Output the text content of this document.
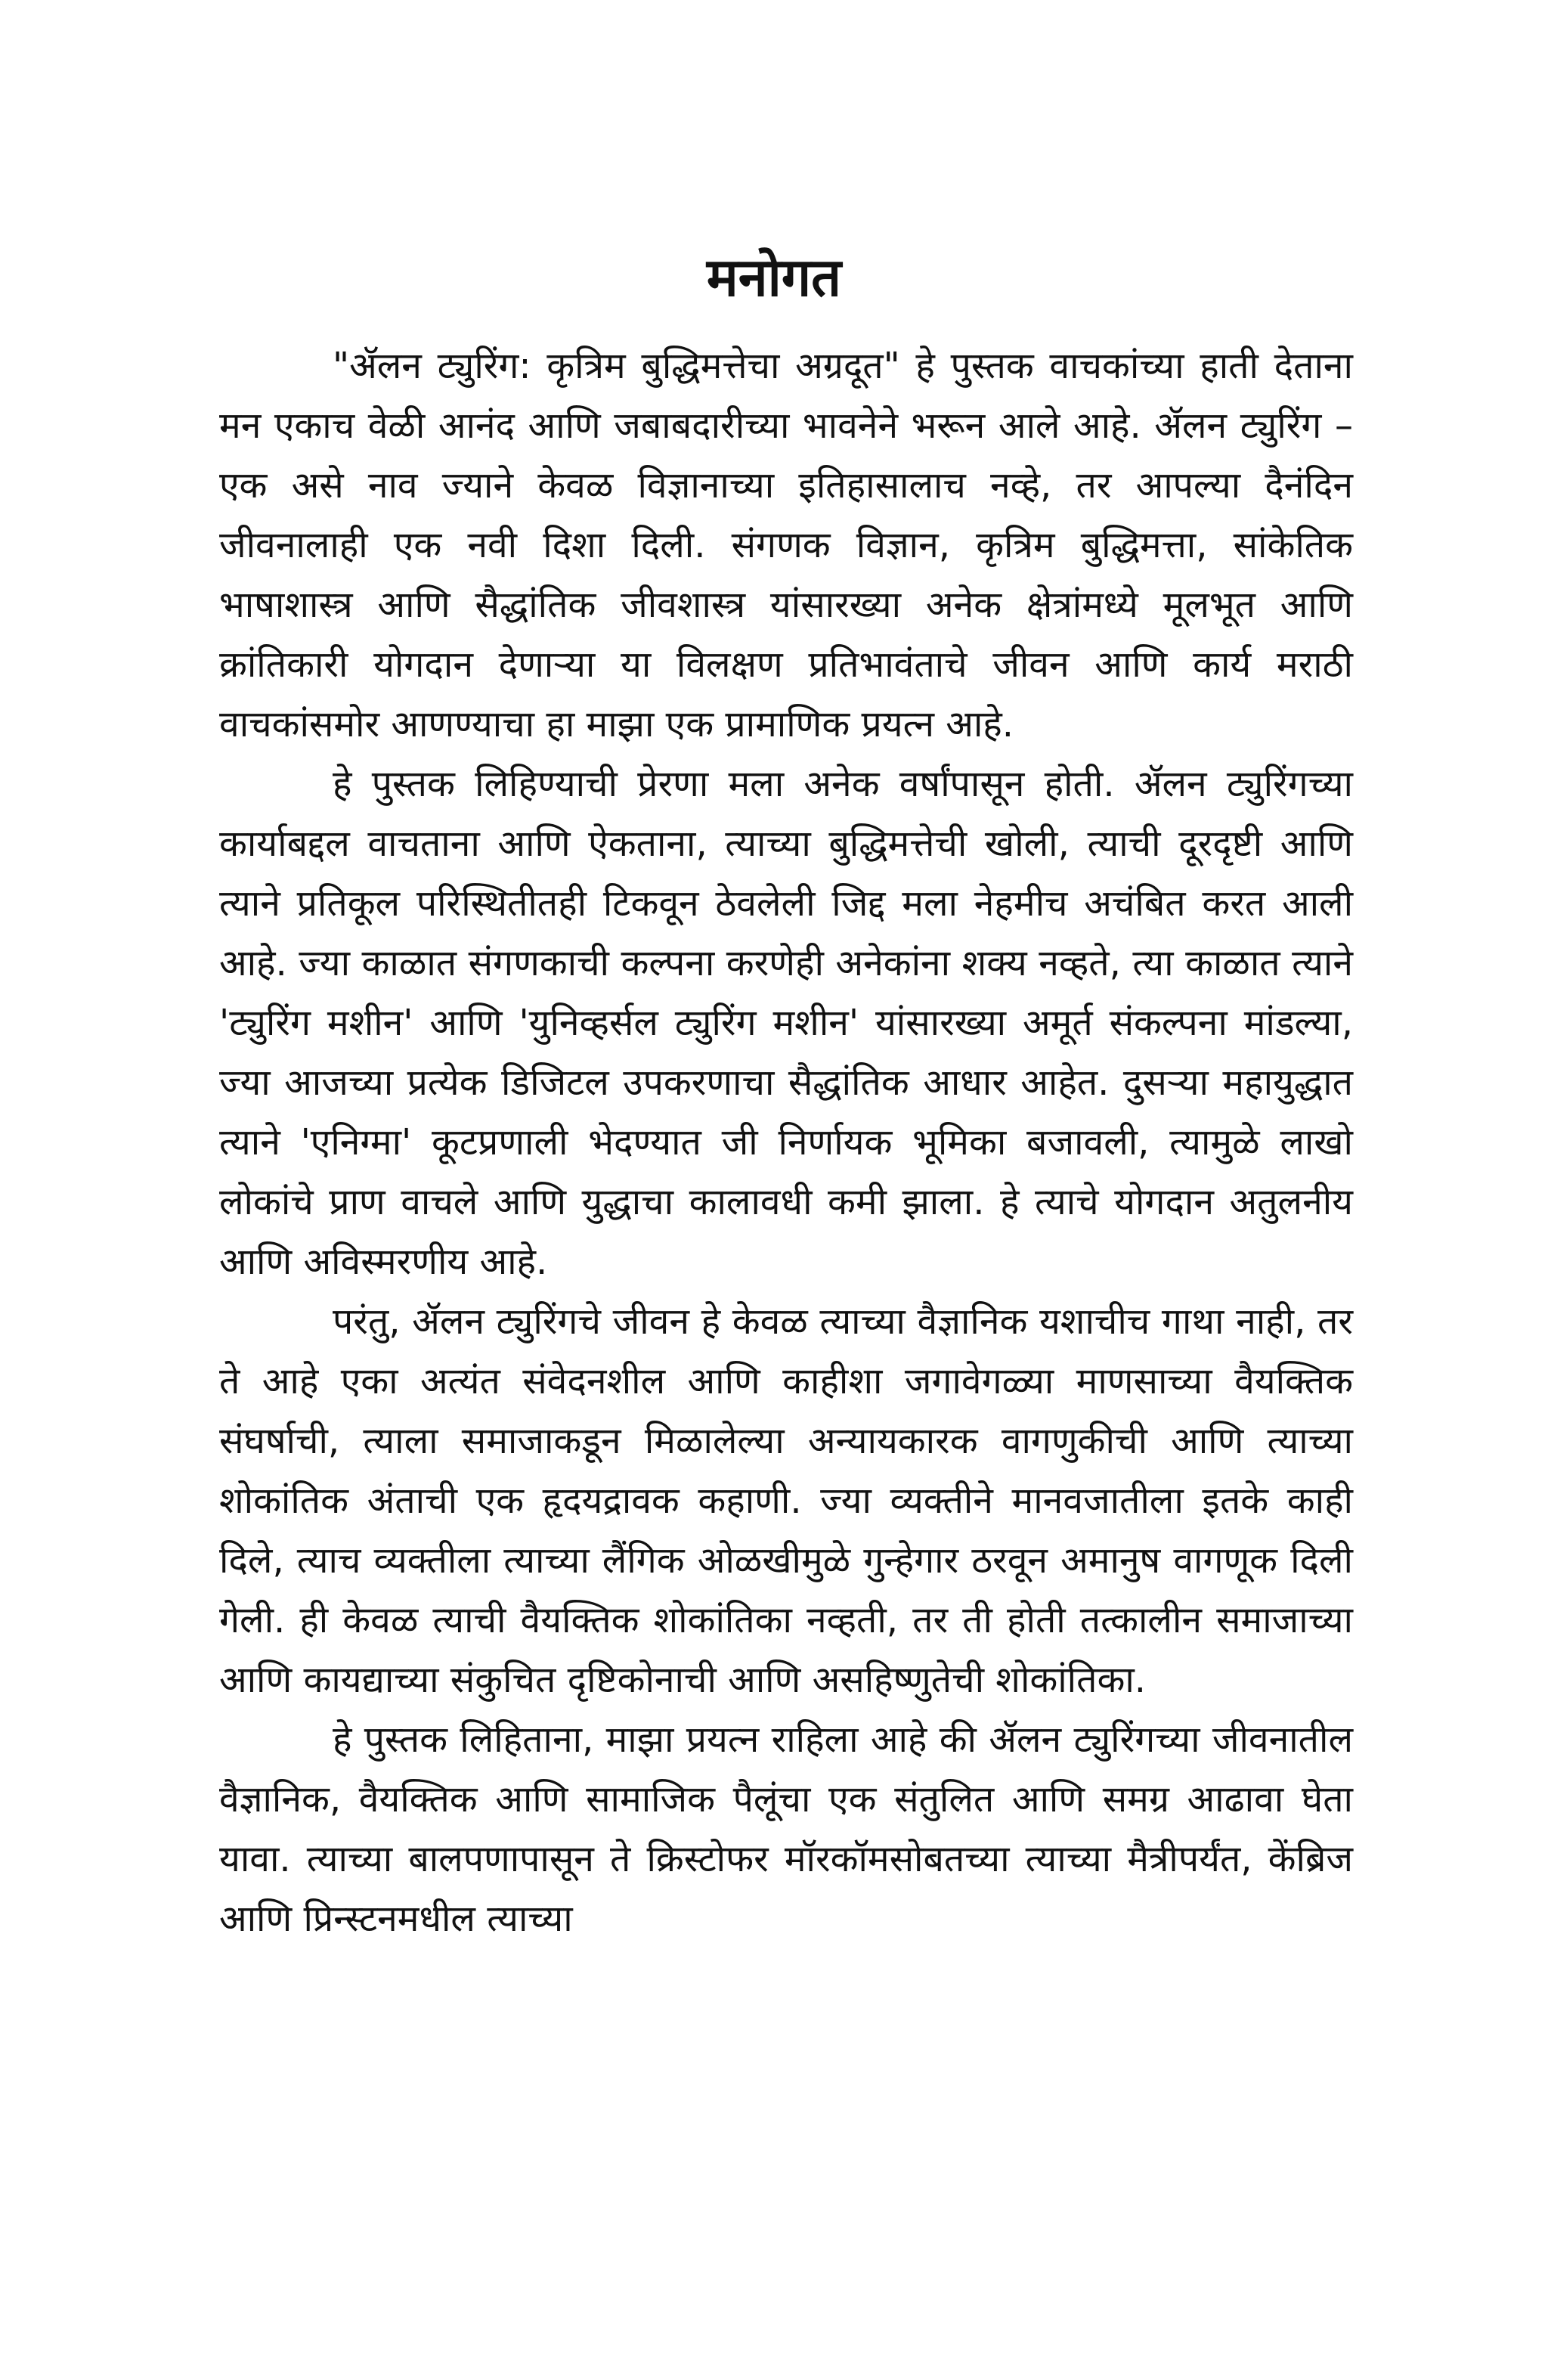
मनोगत

"ॲलन ट्युरिंग: कृत्रिम बुद्धिमत्तेचा अग्रदूत" हे पुस्तक वाचकांच्या हाती देताना मन एकाच वेळी आनंद आणि जबाबदारीच्या भावनेने भरून आले आहे. ॲलन ट्युरिंग – एक असे नाव ज्याने केवळ विज्ञानाच्या इतिहासालाच नव्हे, तर आपल्या दैनंदिन जीवनालाही एक नवी दिशा दिली. संगणक विज्ञान, कृत्रिम बुद्धिमत्ता, सांकेतिक भाषाशास्त्र आणि सैद्धांतिक जीवशास्त्र यांसारख्या अनेक क्षेत्रांमध्ये मूलभूत आणि क्रांतिकारी योगदान देणाऱ्या या विलक्षण प्रतिभावंताचे जीवन आणि कार्य मराठी वाचकांसमोर आणण्याचा हा माझा एक प्रामाणिक प्रयत्न आहे.

हे पुस्तक लिहिण्याची प्रेरणा मला अनेक वर्षांपासून होती. ॲलन ट्युरिंगच्या कार्याबद्दल वाचताना आणि ऐकताना, त्याच्या बुद्धिमत्तेची खोली, त्याची दूरदृष्टी आणि त्याने प्रतिकूल परिस्थितीतही टिकवून ठेवलेली जिद्द मला नेहमीच अचंबित करत आली आहे. ज्या काळात संगणकाची कल्पना करणेही अनेकांना शक्य नव्हते, त्या काळात त्याने 'ट्युरिंग मशीन' आणि 'युनिव्हर्सल ट्युरिंग मशीन' यांसारख्या अमूर्त संकल्पना मांडल्या, ज्या आजच्या प्रत्येक डिजिटल उपकरणाचा सैद्धांतिक आधार आहेत. दुसऱ्या महायुद्धात त्याने 'एनिग्मा' कूटप्रणाली भेदण्यात जी निर्णायक भूमिका बजावली, त्यामुळे लाखो लोकांचे प्राण वाचले आणि युद्धाचा कालावधी कमी झाला. हे त्याचे योगदान अतुलनीय आणि अविस्मरणीय आहे.

परंतु, ॲलन ट्युरिंगचे जीवन हे केवळ त्याच्या वैज्ञानिक यशाचीच गाथा नाही, तर ते आहे एका अत्यंत संवेदनशील आणि काहीशा जगावेगळ्या माणसाच्या वैयक्तिक संघर्षाची, त्याला समाजाकडून मिळालेल्या अन्यायकारक वागणुकीची आणि त्याच्या शोकांतिक अंताची एक हृदयद्रावक कहाणी. ज्या व्यक्तीने मानवजातीला इतके काही दिले, त्याच व्यक्तीला त्याच्या लैंगिक ओळखीमुळे गुन्हेगार ठरवून अमानुष वागणूक दिली गेली. ही केवळ त्याची वैयक्तिक शोकांतिका नव्हती, तर ती होती तत्कालीन समाजाच्या आणि कायद्याच्या संकुचित दृष्टिकोनाची आणि असहिष्णुतेची शोकांतिका.

हे पुस्तक लिहिताना, माझा प्रयत्न राहिला आहे की ॲलन ट्युरिंगच्या जीवनातील वैज्ञानिक, वैयक्तिक आणि सामाजिक पैलूंचा एक संतुलित आणि समग्र आढावा घेता यावा. त्याच्या बालपणापासून ते क्रिस्टोफर मॉरकॉमसोबतच्या त्याच्या मैत्रीपर्यंत, केंब्रिज आणि प्रिन्स्टनमधील त्याच्या
